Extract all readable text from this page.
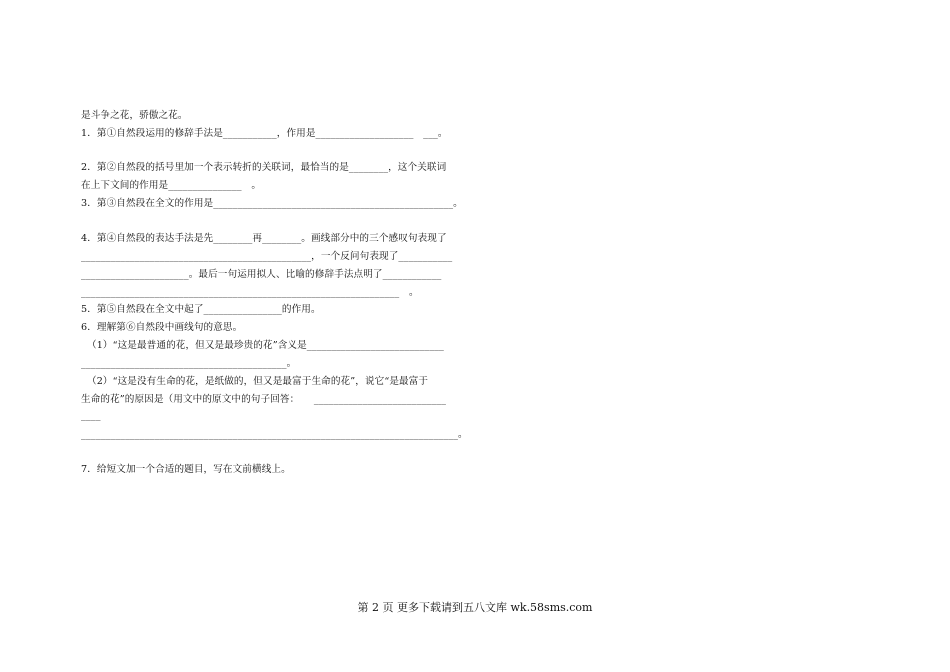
是斗争之花，骄傲之花。
1．第①自然段运用的修辞手法是___________，作用是____________________　___。
2．第②自然段的括号里加一个表示转折的关联词，最恰当的是________，这个关联词
在上下文间的作用是_______________　。
3．第③自然段在全文的作用是_________________________________________________。
4．第④自然段的表达手法是先________再________。画线部分中的三个感叹句表现了
_______________________________________________，一个反问句表现了___________
______________________。最后一句运用拟人、比喻的修辞手法点明了____________
_________________________________________________________________　。
5．第⑤自然段在全文中起了________________的作用。
6．理解第⑥自然段中画线句的意思。
（1）“这是最普通的花，但又是最珍贵的花”含义是____________________________
__________________________________________。
（2）“这是没有生命的花，是纸做的，但又是最富于生命的花”，说它“是最富于
生命的花”的原因是（用文中的原文中的句子回答：　　___________________________
____
_____________________________________________________________________________。
7．给短文加一个合适的题目，写在文前横线上。
第 2 页 更多下载请到五八文库 wk.58sms.com
